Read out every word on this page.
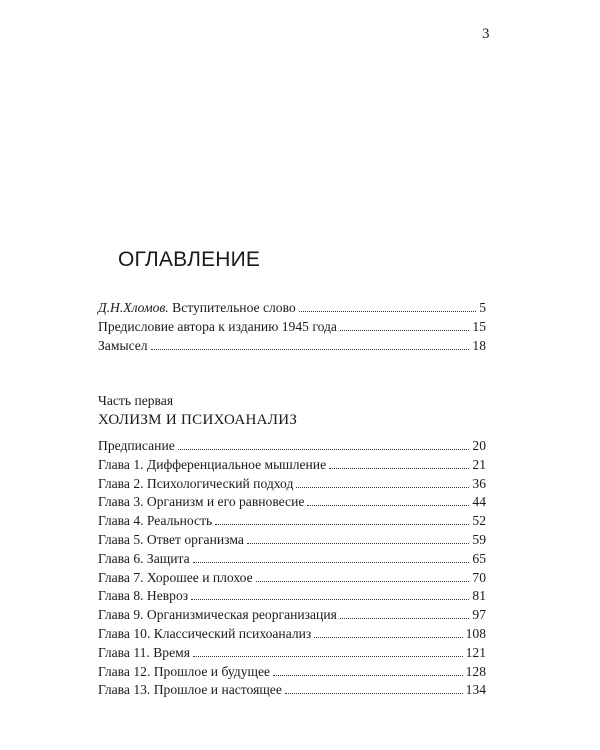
3
ОГЛАВЛЕНИЕ
Д.Н.Хломов. Вступительное слово	5
Предисловие автора к изданию 1945 года	15
Замысел	18
Часть первая
ХОЛИЗМ И ПСИХОАНАЛИЗ
Предписание	20
Глава 1. Дифференциальное мышление	21
Глава 2. Психологический подход	36
Глава 3. Организм и его равновесие	44
Глава 4. Реальность	52
Глава 5. Ответ организма	59
Глава 6. Защита	65
Глава 7. Хорошее и плохое	70
Глава 8. Невроз	81
Глава 9. Организмическая реорганизация	97
Глава 10. Классический психоанализ	108
Глава 11. Время	121
Глава 12. Прошлое и будущее	128
Глава 13. Прошлое и настоящее	134
